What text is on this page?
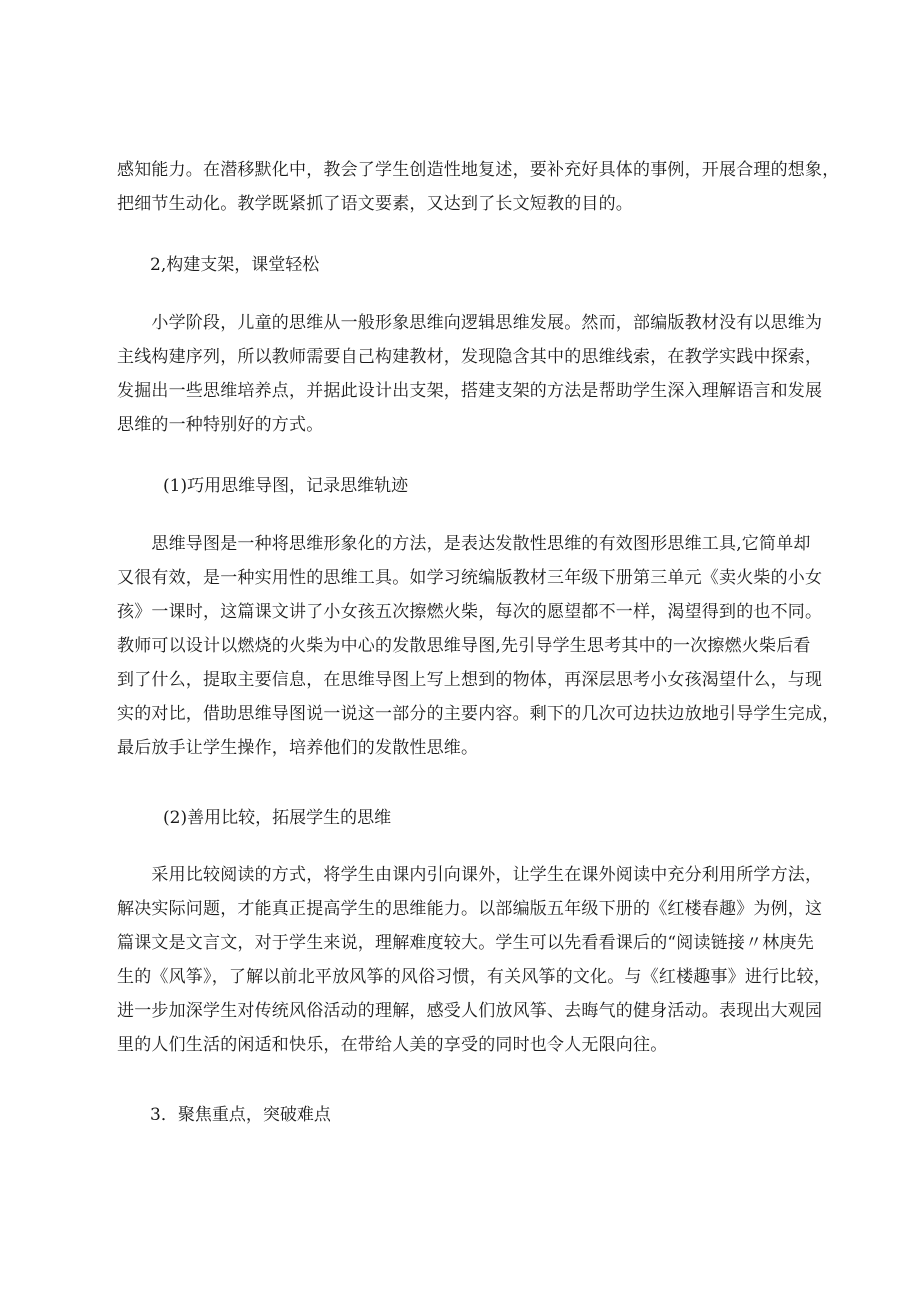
感知能力。在潜移默化中，教会了学生创造性地复述，要补充好具体的事例，开展合理的想象，
把细节生动化。教学既紧抓了语文要素，又达到了长文短教的目的。
2,构建支架，课堂轻松
　　小学阶段，儿童的思维从一般形象思维向逻辑思维发展。然而，部编版教材没有以思维为
主线构建序列，所以教师需要自己构建教材，发现隐含其中的思维线索，在教学实践中探索，
发掘出一些思维培养点，并据此设计出支架，搭建支架的方法是帮助学生深入理解语言和发展
思维的一种特别好的方式。
(1)巧用思维导图，记录思维轨迹
　　思维导图是一种将思维形象化的方法，是表达发散性思维的有效图形思维工具,它简单却
又很有效，是一种实用性的思维工具。如学习统编版教材三年级下册第三单元《卖火柴的小女
孩》一课时，这篇课文讲了小女孩五次擦燃火柴，每次的愿望都不一样，渴望得到的也不同。
教师可以设计以燃烧的火柴为中心的发散思维导图,先引导学生思考其中的一次擦燃火柴后看
到了什么，提取主要信息，在思维导图上写上想到的物体，再深层思考小女孩渴望什么，与现
实的对比，借助思维导图说一说这一部分的主要内容。剩下的几次可边扶边放地引导学生完成，
最后放手让学生操作，培养他们的发散性思维。
(2)善用比较，拓展学生的思维
　　采用比较阅读的方式，将学生由课内引向课外，让学生在课外阅读中充分利用所学方法，
解决实际问题，才能真正提高学生的思维能力。以部编版五年级下册的《红楼春趣》为例，这
篇课文是文言文，对于学生来说，理解难度较大。学生可以先看看课后的“阅读链接〃林庚先
生的《风筝》，了解以前北平放风筝的风俗习惯，有关风筝的文化。与《红楼趣事》进行比较，
进一步加深学生对传统风俗活动的理解，感受人们放风筝、去晦气的健身活动。表现出大观园
里的人们生活的闲适和快乐，在带给人美的享受的同时也令人无限向往。
3．聚焦重点，突破难点
